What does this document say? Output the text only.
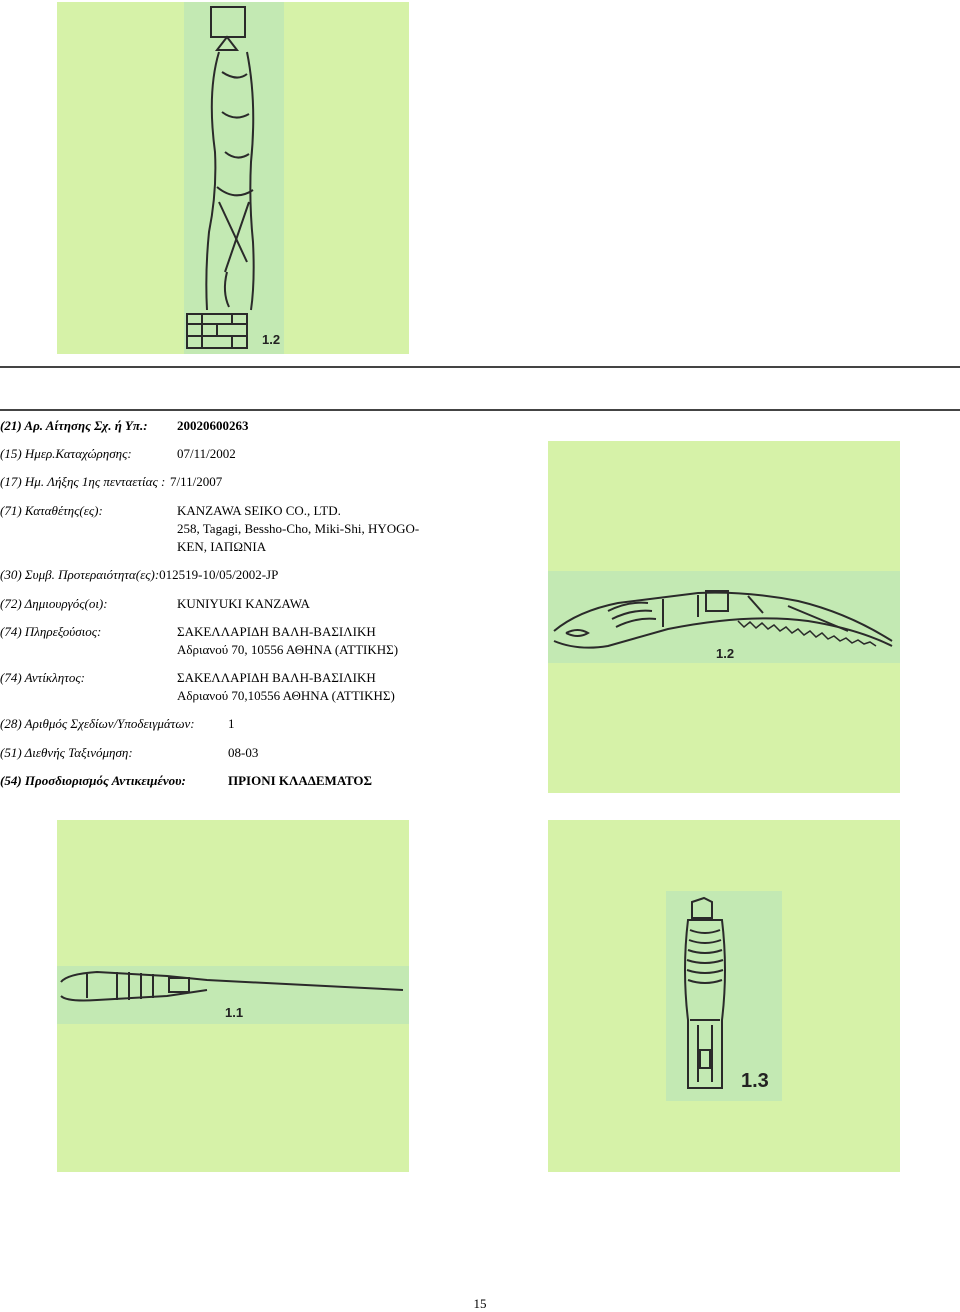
1.2
1.2
(21) Αρ. Αίτησης Σχ. ή Υπ.: 20020600263
(15) Ημερ.Καταχώρησης:	07/11/2002
(17) Ημ. Λήξης 1ης πενταετίας : 7/11/2007
(71) Καταθέτης(ες):	KANZAWA SEIKO CO., LTD.
258, Tagagi, Bessho-Cho, Miki-Shi, HYOGO-
KEN, ΙΑΠΩΝΙΑ
(30) Συμβ. Προτεραιότητα(ες):012519-10/05/2002-JP
(72) Δημιουργός(οι):	KUNIYUKI KANZAWA
(74) Πληρεξούσιος:	ΣΑΚΕΛΛΑΡΙΔΗ ΒΑΛΗ-ΒΑΣΙΛΙΚΗ
Αδριανού 70, 10556 ΑΘΗΝΑ (ΑΤΤΙΚΗΣ)
(74) Αντίκλητος:	ΣΑΚΕΛΛΑΡΙΔΗ ΒΑΛΗ-ΒΑΣΙΛΙΚΗ
Αδριανού 70,10556 ΑΘΗΝΑ (ΑΤΤΙΚΗΣ)
(28) Αριθμός Σχεδίων/Υποδειγμάτων:	1
(51) Διεθνής Ταξινόμηση:	08-03
(54) Προσδιορισμός Αντικειμένου:	ΠΡΙΟΝΙ ΚΛΑΔΕΜΑΤΟΣ
1.1
1.3
15
